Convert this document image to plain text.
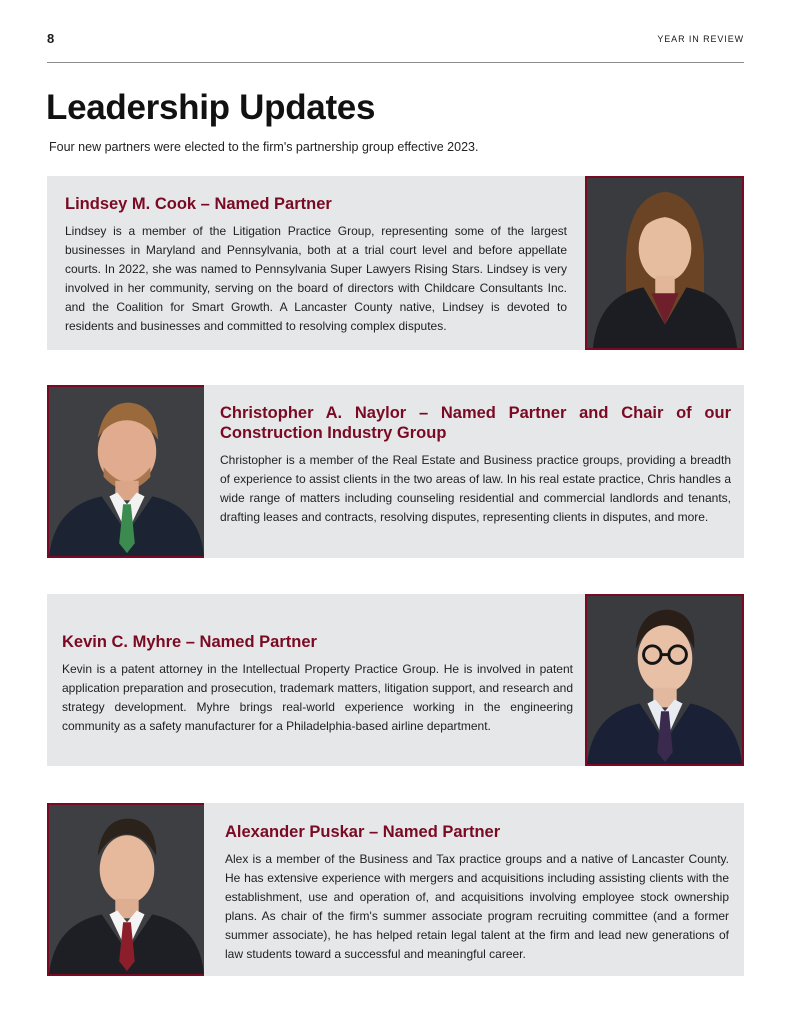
8	YEAR IN REVIEW
Leadership Updates

Four new partners were elected to the firm's partnership group effective 2023.

Lindsey M. Cook – Named Partner

Lindsey is a member of the Litigation Practice Group, representing some of the largest businesses in Maryland and Pennsylvania, both at a trial court level and before appellate courts. In 2022, she was named to Pennsylvania Super Lawyers Rising Stars. Lindsey is very involved in her community, serving on the board of directors with Childcare Consultants Inc. and the Coalition for Smart Growth. A Lancaster County native, Lindsey is devoted to residents and businesses and committed to resolving complex disputes.

Christopher A. Naylor – Named Partner and Chair of our Construction Industry Group

Christopher is a member of the Real Estate and Business practice groups, providing a breadth of experience to assist clients in the two areas of law. In his real estate practice, Chris handles a wide range of matters including counseling residential and commercial landlords and tenants, drafting leases and contracts, resolving disputes, representing clients in disputes, and more.

Kevin C. Myhre – Named Partner

Kevin is a patent attorney in the Intellectual Property Practice Group. He is involved in patent application preparation and prosecution, trademark matters, litigation support, and research and strategy development. Myhre brings real-world experience working in the engineering community as a safety manufacturer for a Philadelphia-based airline department.

Alexander Puskar – Named Partner

Alex is a member of the Business and Tax practice groups and a native of Lancaster County. He has extensive experience with mergers and acquisitions including assisting clients with the establishment, use and operation of, and acquisitions involving employee stock ownership plans. As chair of the firm's summer associate program recruiting committee (and a former summer associate), he has helped retain legal talent at the firm and lead new generations of law students toward a successful and meaningful career.
